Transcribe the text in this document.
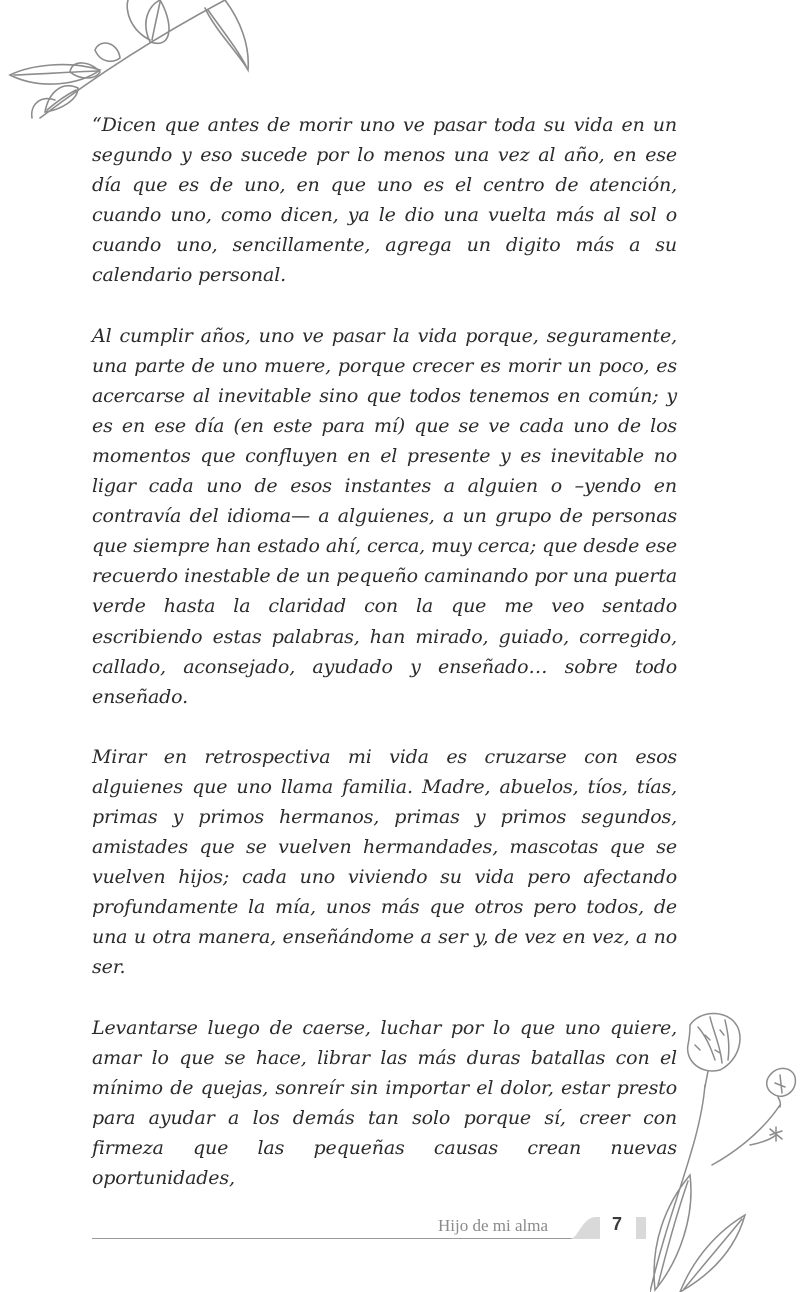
“Dicen que antes de morir uno ve pasar toda su vida en un segundo y eso sucede por lo menos una vez al año, en ese día que es de uno, en que uno es el centro de atención, cuando uno, como dicen, ya le dio una vuelta más al sol o cuando uno, sencillamente, agrega un digito más a su calendario personal.

Al cumplir años, uno ve pasar la vida porque, seguramente, una parte de uno muere, porque crecer es morir un poco, es acercarse al inevitable sino que todos tenemos en común; y es en ese día (en este para mí) que se ve cada uno de los momentos que confluyen en el presente y es inevitable no ligar cada uno de esos instantes a alguien o –yendo en contravía del idioma— a alguienes, a un grupo de personas que siempre han estado ahí, cerca, muy cerca; que desde ese recuerdo inestable de un pequeño caminando por una puerta verde hasta la claridad con la que me veo sentado escribiendo estas palabras, han mirado, guiado, corregido, callado, aconsejado, ayudado y enseñado… sobre todo enseñado.

Mirar en retrospectiva mi vida es cruzarse con esos alguienes que uno llama familia. Madre, abuelos, tíos, tías, primas y primos hermanos, primas y primos segundos, amistades que se vuelven hermandades, mascotas que se vuelven hijos; cada uno viviendo su vida pero afectando profundamente la mía, unos más que otros pero todos, de una u otra manera, enseñándome a ser y, de vez en vez, a no ser.

Levantarse luego de caerse, luchar por lo que uno quiere, amar lo que se hace, librar las más duras batallas con el mínimo de quejas, sonreír sin importar el dolor, estar presto para ayudar a los demás tan solo porque sí, creer con firmeza que las pequeñas causas crean nuevas oportunidades,

Hijo de mi alma	7
